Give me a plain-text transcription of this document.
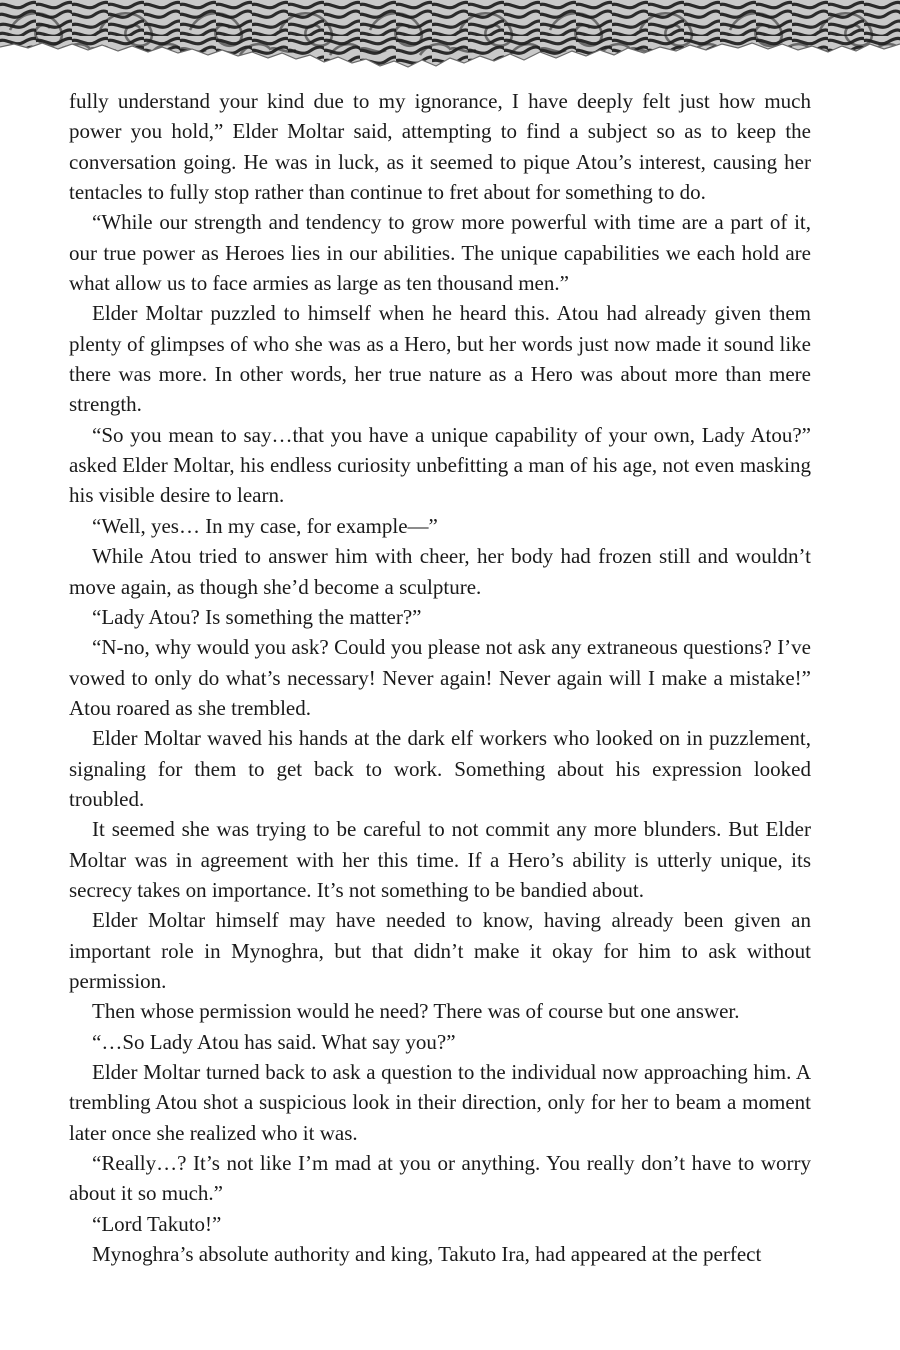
fully understand your kind due to my ignorance, I have deeply felt just how much power you hold,” Elder Moltar said, attempting to find a subject so as to keep the conversation going. He was in luck, as it seemed to pique Atou’s interest, causing her tentacles to fully stop rather than continue to fret about for something to do.

“While our strength and tendency to grow more powerful with time are a part of it, our true power as Heroes lies in our abilities. The unique capabilities we each hold are what allow us to face armies as large as ten thousand men.”

Elder Moltar puzzled to himself when he heard this. Atou had already given them plenty of glimpses of who she was as a Hero, but her words just now made it sound like there was more. In other words, her true nature as a Hero was about more than mere strength.

“So you mean to say…that you have a unique capability of your own, Lady Atou?” asked Elder Moltar, his endless curiosity unbefitting a man of his age, not even masking his visible desire to learn.

“Well, yes… In my case, for example—”

While Atou tried to answer him with cheer, her body had frozen still and wouldn’t move again, as though she’d become a sculpture.

“Lady Atou? Is something the matter?”

“N-no, why would you ask? Could you please not ask any extraneous questions? I’ve vowed to only do what’s necessary! Never again! Never again will I make a mistake!” Atou roared as she trembled.

Elder Moltar waved his hands at the dark elf workers who looked on in puzzlement, signaling for them to get back to work. Something about his expression looked troubled.

It seemed she was trying to be careful to not commit any more blunders. But Elder Moltar was in agreement with her this time. If a Hero’s ability is utterly unique, its secrecy takes on importance. It’s not something to be bandied about.

Elder Moltar himself may have needed to know, having already been given an important role in Mynoghra, but that didn’t make it okay for him to ask without permission.

Then whose permission would he need? There was of course but one answer.

“…So Lady Atou has said. What say you?”

Elder Moltar turned back to ask a question to the individual now approaching him. A trembling Atou shot a suspicious look in their direction, only for her to beam a moment later once she realized who it was.

“Really…? It’s not like I’m mad at you or anything. You really don’t have to worry about it so much.”

“Lord Takuto!”

Mynoghra’s absolute authority and king, Takuto Ira, had appeared at the perfect
